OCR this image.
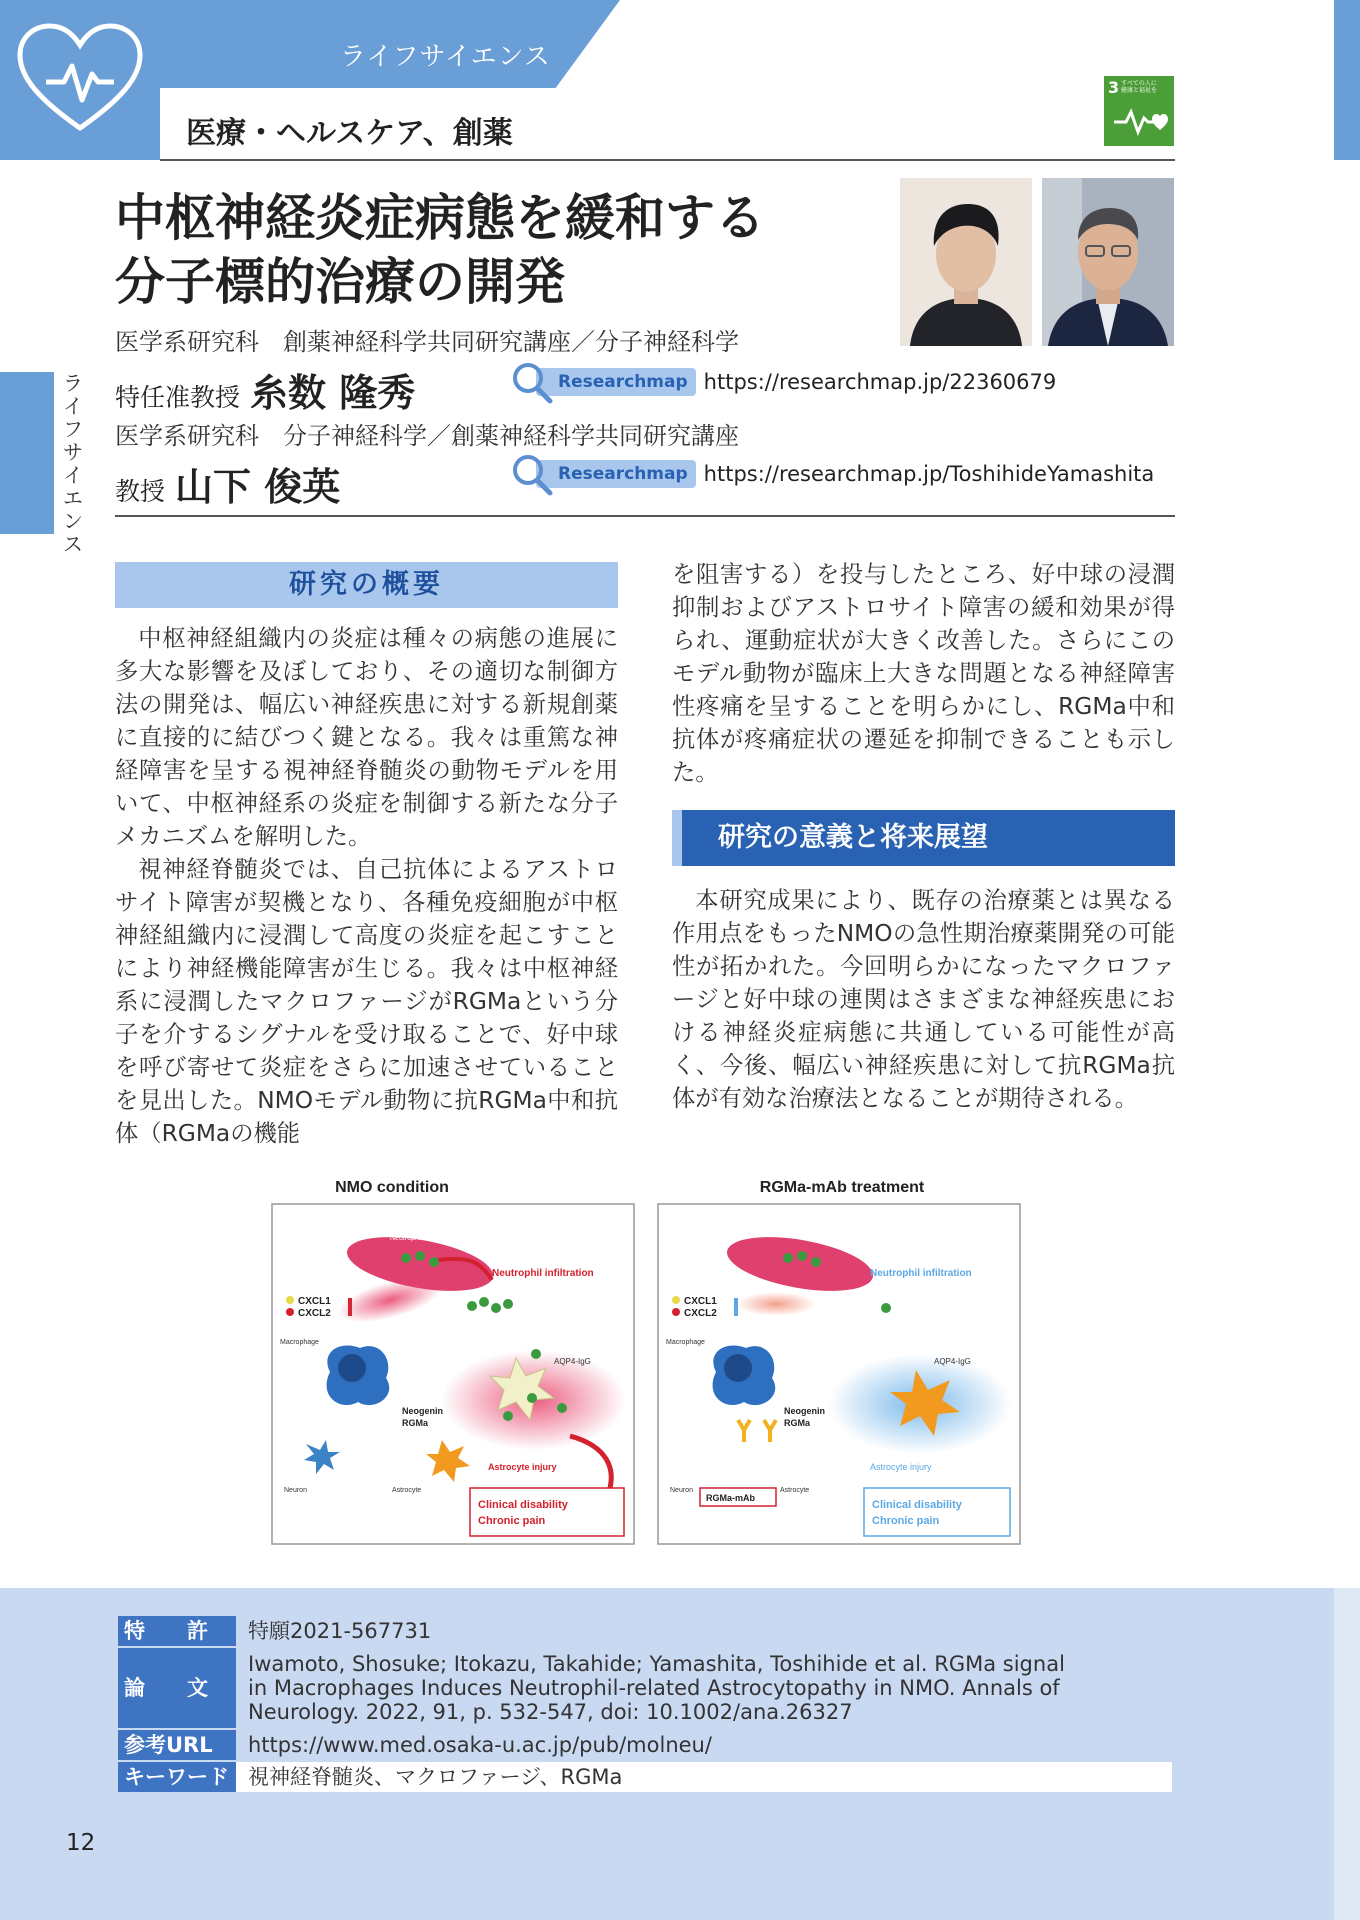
ライフサイエンス
医療・ヘルスケア、創薬
3 すべての人に
健康と福祉を
ライフサイエンス
中枢神経炎症病態を緩和する
分子標的治療の開発
医学系研究科　創薬神経科学共同研究講座／分子神経科学
特任准教授 糸数 隆秀	Researchmap https://researchmap.jp/22360679
医学系研究科　分子神経科学／創薬神経科学共同研究講座
教授 山下 俊英	Researchmap https://researchmap.jp/ToshihideYamashita
研究の概要

中枢神経組織内の炎症は種々の病態の進展に多大な影響を及ぼしており、その適切な制御方法の開発は、幅広い神経疾患に対する新規創薬に直接的に結びつく鍵となる。我々は重篤な神経障害を呈する視神経脊髄炎の動物モデルを用いて、中枢神経系の炎症を制御する新たな分子メカニズムを解明した。

視神経脊髄炎では、自己抗体によるアストロサイト障害が契機となり、各種免疫細胞が中枢神経組織内に浸潤して高度の炎症を起こすことにより神経機能障害が生じる。我々は中枢神経系に浸潤したマクロファージがRGMaという分子を介するシグナルを受け取ることで、好中球を呼び寄せて炎症をさらに加速させていることを見出した。NMOモデル動物に抗RGMa中和抗体（RGMaの機能

を阻害する）を投与したところ、好中球の浸潤抑制およびアストロサイト障害の緩和効果が得られ、運動症状が大きく改善した。さらにこのモデル動物が臨床上大きな問題となる神経障害性疼痛を呈することを明らかにし、RGMa中和抗体が疼痛症状の遷延を抑制できることも示した。

研究の意義と将来展望

本研究成果により、既存の治療薬とは異なる作用点をもったNMOの急性期治療薬開発の可能性が拓かれた。今回明らかになったマクロファージと好中球の連関はさまざまな神経疾患における神経炎症病態に共通している可能性が高く、今後、幅広い神経疾患に対して抗RGMa抗体が有効な治療法となることが期待される。

NMO condition
Neutrophil
Neutrophil infiltration
CXCL1
CXCL2
Macrophage
Neogenin
RGMa
AQP4-IgG
Astrocyte injury
Neuron	Astrocyte
Clinical disability
Chronic pain
RGMa-mAb treatment
Neutrophil infiltration
CXCL1
CXCL2
Macrophage
Neogenin
RGMa
AQP4-IgG
Astrocyte injury
RGMa-mAb
Neuron	Astrocyte
Clinical disability
Chronic pain
特　　許	特願2021-567731
論　　文
Iwamoto, Shosuke; Itokazu, Takahide; Yamashita, Toshihide et al. RGMa signal
in Macrophages Induces Neutrophil-related Astrocytopathy in NMO. Annals of
Neurology. 2022, 91, p. 532-547, doi: 10.1002/ana.26327
参考URL	https://www.med.osaka-u.ac.jp/pub/molneu/
キーワード 視神経脊髄炎、マクロファージ、RGMa
12
